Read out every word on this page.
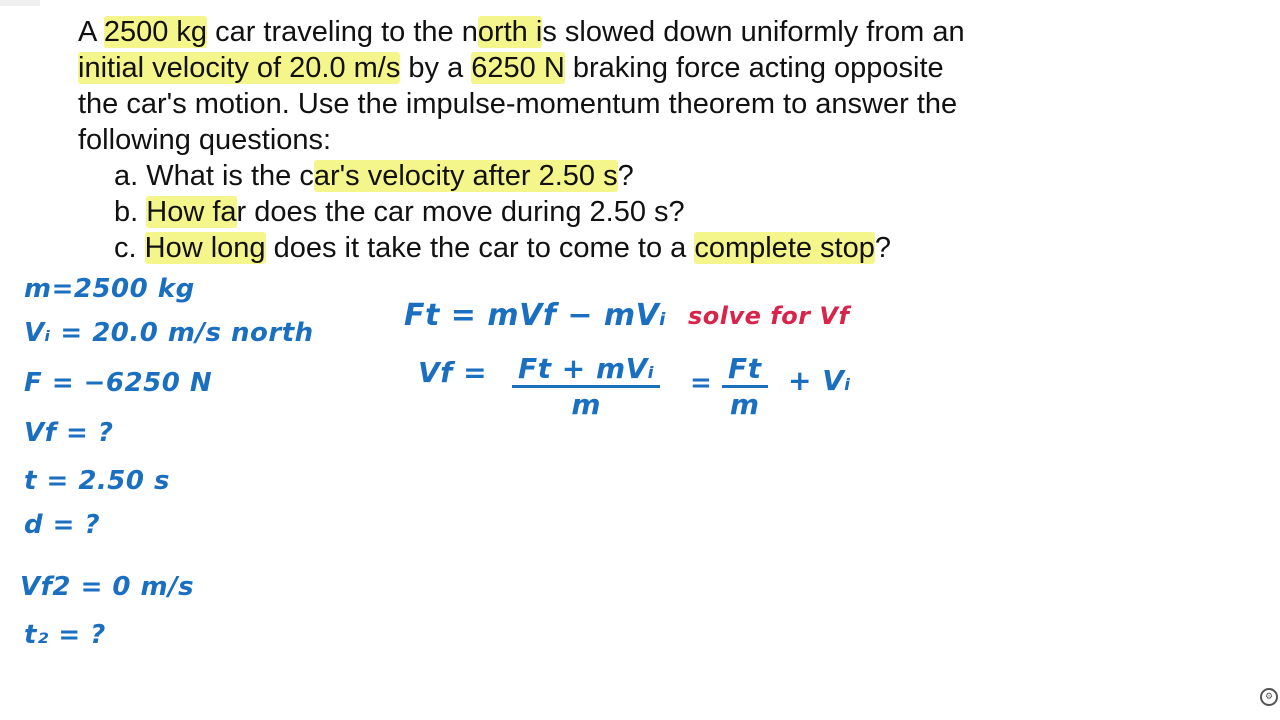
A 2500 kg car traveling to the north is slowed down uniformly from an
initial velocity of 20.0 m/s by a 6250 N braking force acting opposite
the car's motion. Use the impulse-momentum theorem to answer the
following questions:
a. What is the car's velocity after 2.50 s?
b. How far does the car move during 2.50 s?
c. How long does it take the car to come to a complete stop?
m=2500 kg
Vᵢ = 20.0 m/s north
F = −6250 N
Vf = ?
t = 2.50 s
d = ?
Vf2 = 0 m/s
t₂ = ?
Ft = mVf − mVᵢ solve for Vf
Vf = Ft + mVᵢ
m
= $\frac{Ft}{m}$ + Vᵢ
⚙
